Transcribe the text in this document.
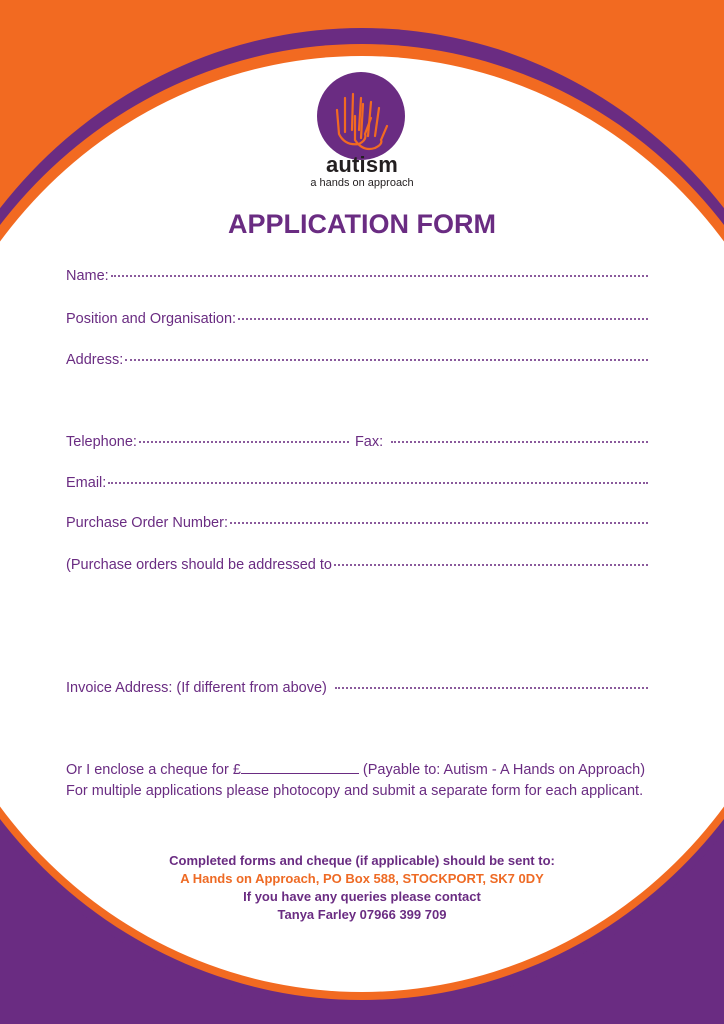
autism
a hands on approach
APPLICATION FORM
Name:
Position and Organisation:
Address:
Telephone:	Fax:
Email:
Purchase Order Number:
(Purchase orders should be addressed to
Invoice Address: (If different from above)
Or I enclose a cheque for £	(Payable to: Autism - A Hands on Approach) For multiple applications please photocopy and submit a separate form for each applicant.
Completed forms and cheque (if applicable) should be sent to:
A Hands on Approach, PO Box 588, STOCKPORT, SK7 0DY
If you have any queries please contact
Tanya Farley 07966 399 709
